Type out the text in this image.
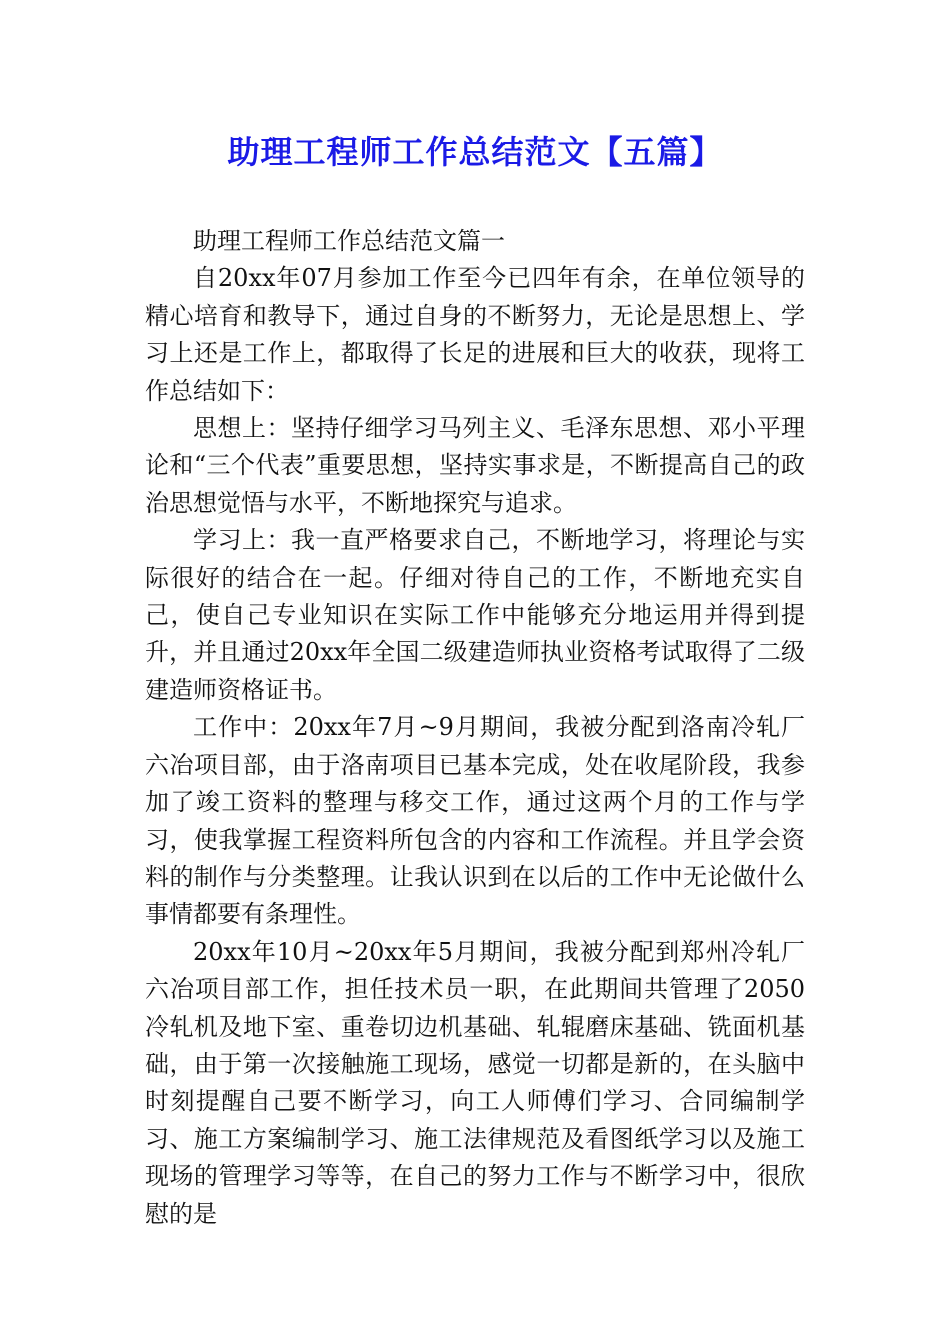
助理工程师工作总结范文【五篇】

助理工程师工作总结范文篇一

自20xx年07月参加工作至今已四年有余，在单位领导的精心培育和教导下，通过自身的不断努力，无论是思想上、学习上还是工作上，都取得了长足的进展和巨大的收获，现将工作总结如下：

思想上：坚持仔细学习马列主义、毛泽东思想、邓小平理论和“三个代表”重要思想，坚持实事求是，不断提高自己的政治思想觉悟与水平，不断地探究与追求。

学习上：我一直严格要求自己，不断地学习，将理论与实际很好的结合在一起。仔细对待自己的工作，不断地充实自己，使自己专业知识在实际工作中能够充分地运用并得到提升，并且通过20xx年全国二级建造师执业资格考试取得了二级建造师资格证书。

工作中：20xx年7月~9月期间，我被分配到洛南冷轧厂六冶项目部，由于洛南项目已基本完成，处在收尾阶段，我参加了竣工资料的整理与移交工作，通过这两个月的工作与学习，使我掌握工程资料所包含的内容和工作流程。并且学会资料的制作与分类整理。让我认识到在以后的工作中无论做什么事情都要有条理性。

20xx年10月~20xx年5月期间，我被分配到郑州冷轧厂六冶项目部工作，担任技术员一职，在此期间共管理了2050冷轧机及地下室、重卷切边机基础、轧辊磨床基础、铣面机基础，由于第一次接触施工现场，感觉一切都是新的，在头脑中时刻提醒自己要不断学习，向工人师傅们学习、合同编制学习、施工方案编制学习、施工法律规范及看图纸学习以及施工现场的管理学习等等，在自己的努力工作与不断学习中，很欣慰的是
